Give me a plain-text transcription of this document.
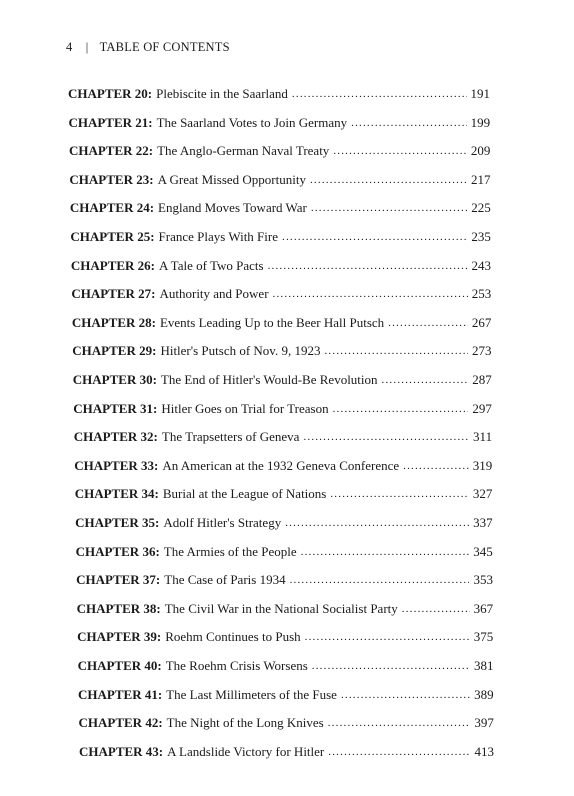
4 | TABLE OF CONTENTS
CHAPTER 20: Plebiscite in the Saarland .....	191
CHAPTER 21: The Saarland Votes to Join Germany .....	199
CHAPTER 22: The Anglo-German Naval Treaty .....	209
CHAPTER 23: A Great Missed Opportunity .....	217
CHAPTER 24: England Moves Toward War .....	225
CHAPTER 25: France Plays With Fire .....	235
CHAPTER 26: A Tale of Two Pacts .....	243
CHAPTER 27: Authority and Power .....	253
CHAPTER 28: Events Leading Up to the Beer Hall Putsch .....	267
CHAPTER 29: Hitler's Putsch of Nov. 9, 1923 .....	273
CHAPTER 30: The End of Hitler's Would-Be Revolution .....	287
CHAPTER 31: Hitler Goes on Trial for Treason .....	297
CHAPTER 32: The Trapsetters of Geneva .....	311
CHAPTER 33: An American at the 1932 Geneva Conference .....	319
CHAPTER 34: Burial at the League of Nations .....	327
CHAPTER 35: Adolf Hitler's Strategy .....	337
CHAPTER 36: The Armies of the People .....	345
CHAPTER 37: The Case of Paris 1934 .....	353
CHAPTER 38: The Civil War in the National Socialist Party .....	367
CHAPTER 39: Roehm Continues to Push .....	375
CHAPTER 40: The Roehm Crisis Worsens .....	381
CHAPTER 41: The Last Millimeters of the Fuse .....	389
CHAPTER 42: The Night of the Long Knives .....	397
CHAPTER 43: A Landslide Victory for Hitler .....	413
